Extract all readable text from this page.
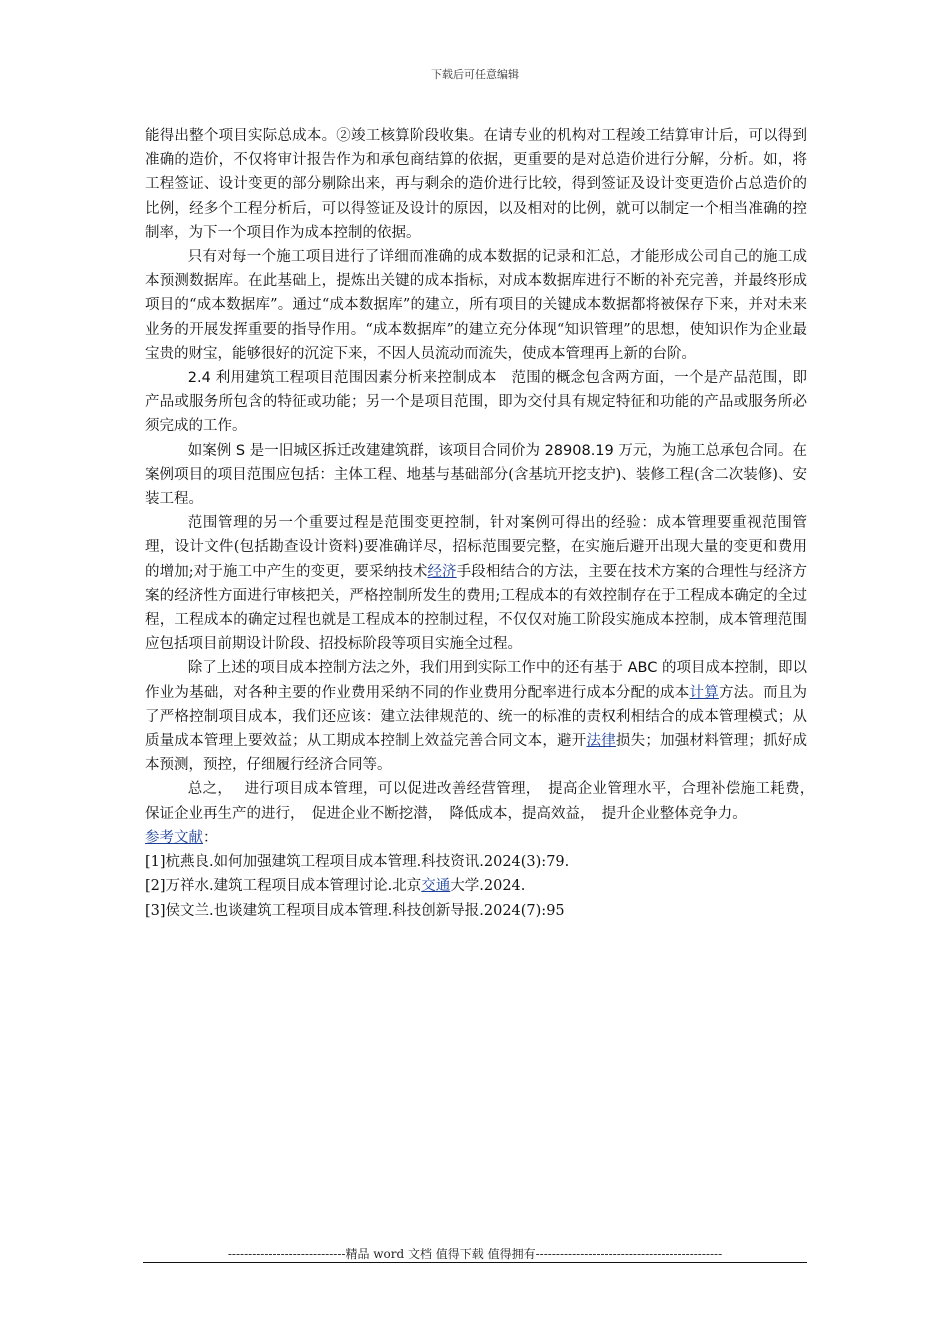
下载后可任意编辑

能得出整个项目实际总成本。②竣工核算阶段收集。在请专业的机构对工程竣工结算审计后，可以得到准确的造价，不仅将审计报告作为和承包商结算的依据，更重要的是对总造价进行分解，分析。如，将工程签证、设计变更的部分剔除出来，再与剩余的造价进行比较，得到签证及设计变更造价占总造价的比例，经多个工程分析后，可以得签证及设计的原因，以及相对的比例，就可以制定一个相当准确的控制率，为下一个项目作为成本控制的依据。

只有对每一个施工项目进行了详细而准确的成本数据的记录和汇总，才能形成公司自己的施工成本预测数据库。在此基础上，提炼出关键的成本指标，对成本数据库进行不断的补充完善，并最终形成项目的“成本数据库”。通过“成本数据库”的建立，所有项目的关键成本数据都将被保存下来，并对未来业务的开展发挥重要的指导作用。“成本数据库”的建立充分体现“知识管理”的思想，使知识作为企业最宝贵的财宝，能够很好的沉淀下来，不因人员流动而流失，使成本管理再上新的台阶。

2.4 利用建筑工程项目范围因素分析来控制成本　范围的概念包含两方面，一个是产品范围，即产品或服务所包含的特征或功能；另一个是项目范围，即为交付具有规定特征和功能的产品或服务所必须完成的工作。

如案例 S 是一旧城区拆迁改建建筑群，该项目合同价为 28908.19 万元，为施工总承包合同。在案例项目的项目范围应包括：主体工程、地基与基础部分(含基坑开挖支护)、装修工程(含二次装修)、安装工程。

范围管理的另一个重要过程是范围变更控制，针对案例可得出的经验：成本管理要重视范围管理，设计文件(包括勘查设计资料)要准确详尽，招标范围要完整，在实施后避开出现大量的变更和费用的增加;对于施工中产生的变更，要采纳技术经济手段相结合的方法，主要在技术方案的合理性与经济方案的经济性方面进行审核把关，严格控制所发生的费用;工程成本的有效控制存在于工程成本确定的全过程，工程成本的确定过程也就是工程成本的控制过程，不仅仅对施工阶段实施成本控制，成本管理范围应包括项目前期设计阶段、招投标阶段等项目实施全过程。

除了上述的项目成本控制方法之外，我们用到实际工作中的还有基于 ABC 的项目成本控制，即以作业为基础，对各种主要的作业费用采纳不同的作业费用分配率进行成本分配的成本计算方法。而且为了严格控制项目成本，我们还应该：建立法律规范的、统一的标准的责权利相结合的成本管理模式；从质量成本管理上要效益；从工期成本控制上效益完善合同文本，避开法律损失；加强材料管理；抓好成本预测，预控，仔细履行经济合同等。

总之，　 进行项目成本管理，可以促进改善经营管理，　提高企业管理水平，合理补偿施工耗费，　保证企业再生产的进行，　促进企业不断挖潜，　降低成本，提高效益，　提升企业整体竞争力。

参考文献：

[1]杭燕良.如何加强建筑工程项目成本管理.科技资讯.2024(3):79.

[2]万祥水.建筑工程项目成本管理讨论.北京交通大学.2024.

[3]侯文兰.也谈建筑工程项目成本管理.科技创新导报.2024(7):95

-----------------------------精品 word 文档 值得下载 值得拥有----------------------------------------------
